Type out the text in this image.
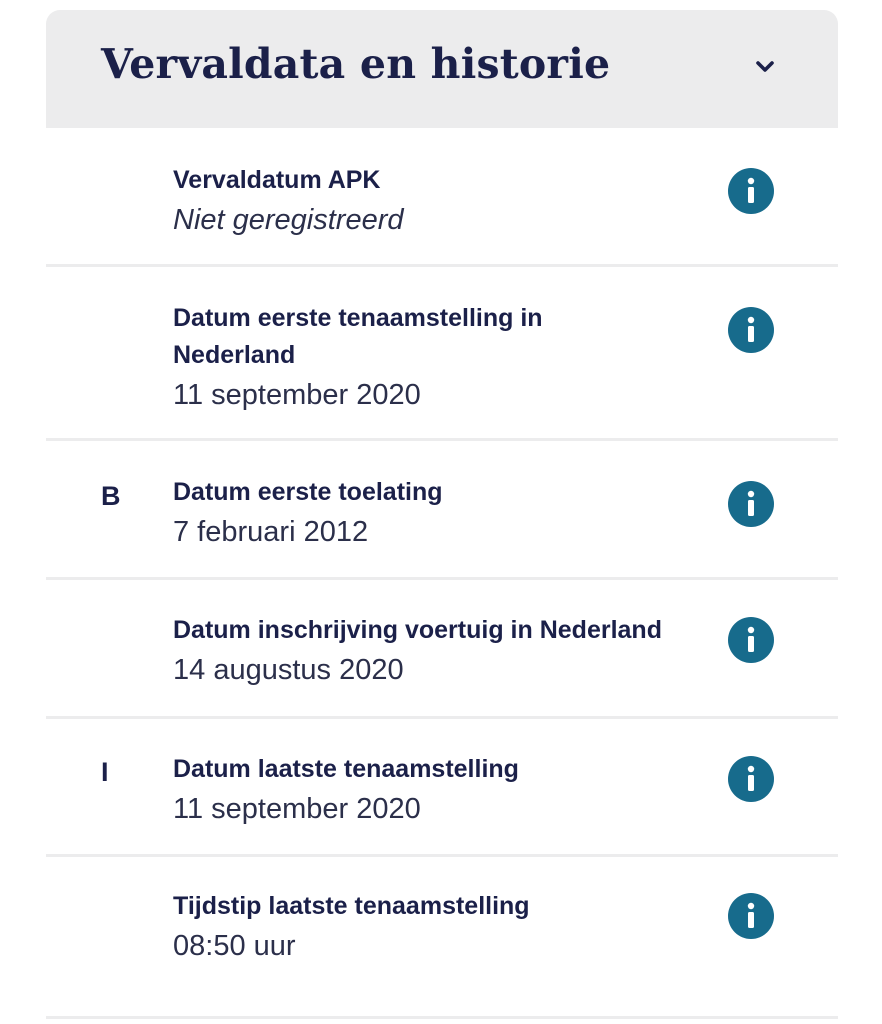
Vervaldata en historie
Vervaldatum APK
Niet geregistreerd
Datum eerste tenaamstelling in Nederland
11 september 2020
B Datum eerste toelating
7 februari 2012
Datum inschrijving voertuig in Nederland
14 augustus 2020
I	Datum laatste tenaamstelling
11 september 2020
Tijdstip laatste tenaamstelling
08:50 uur
